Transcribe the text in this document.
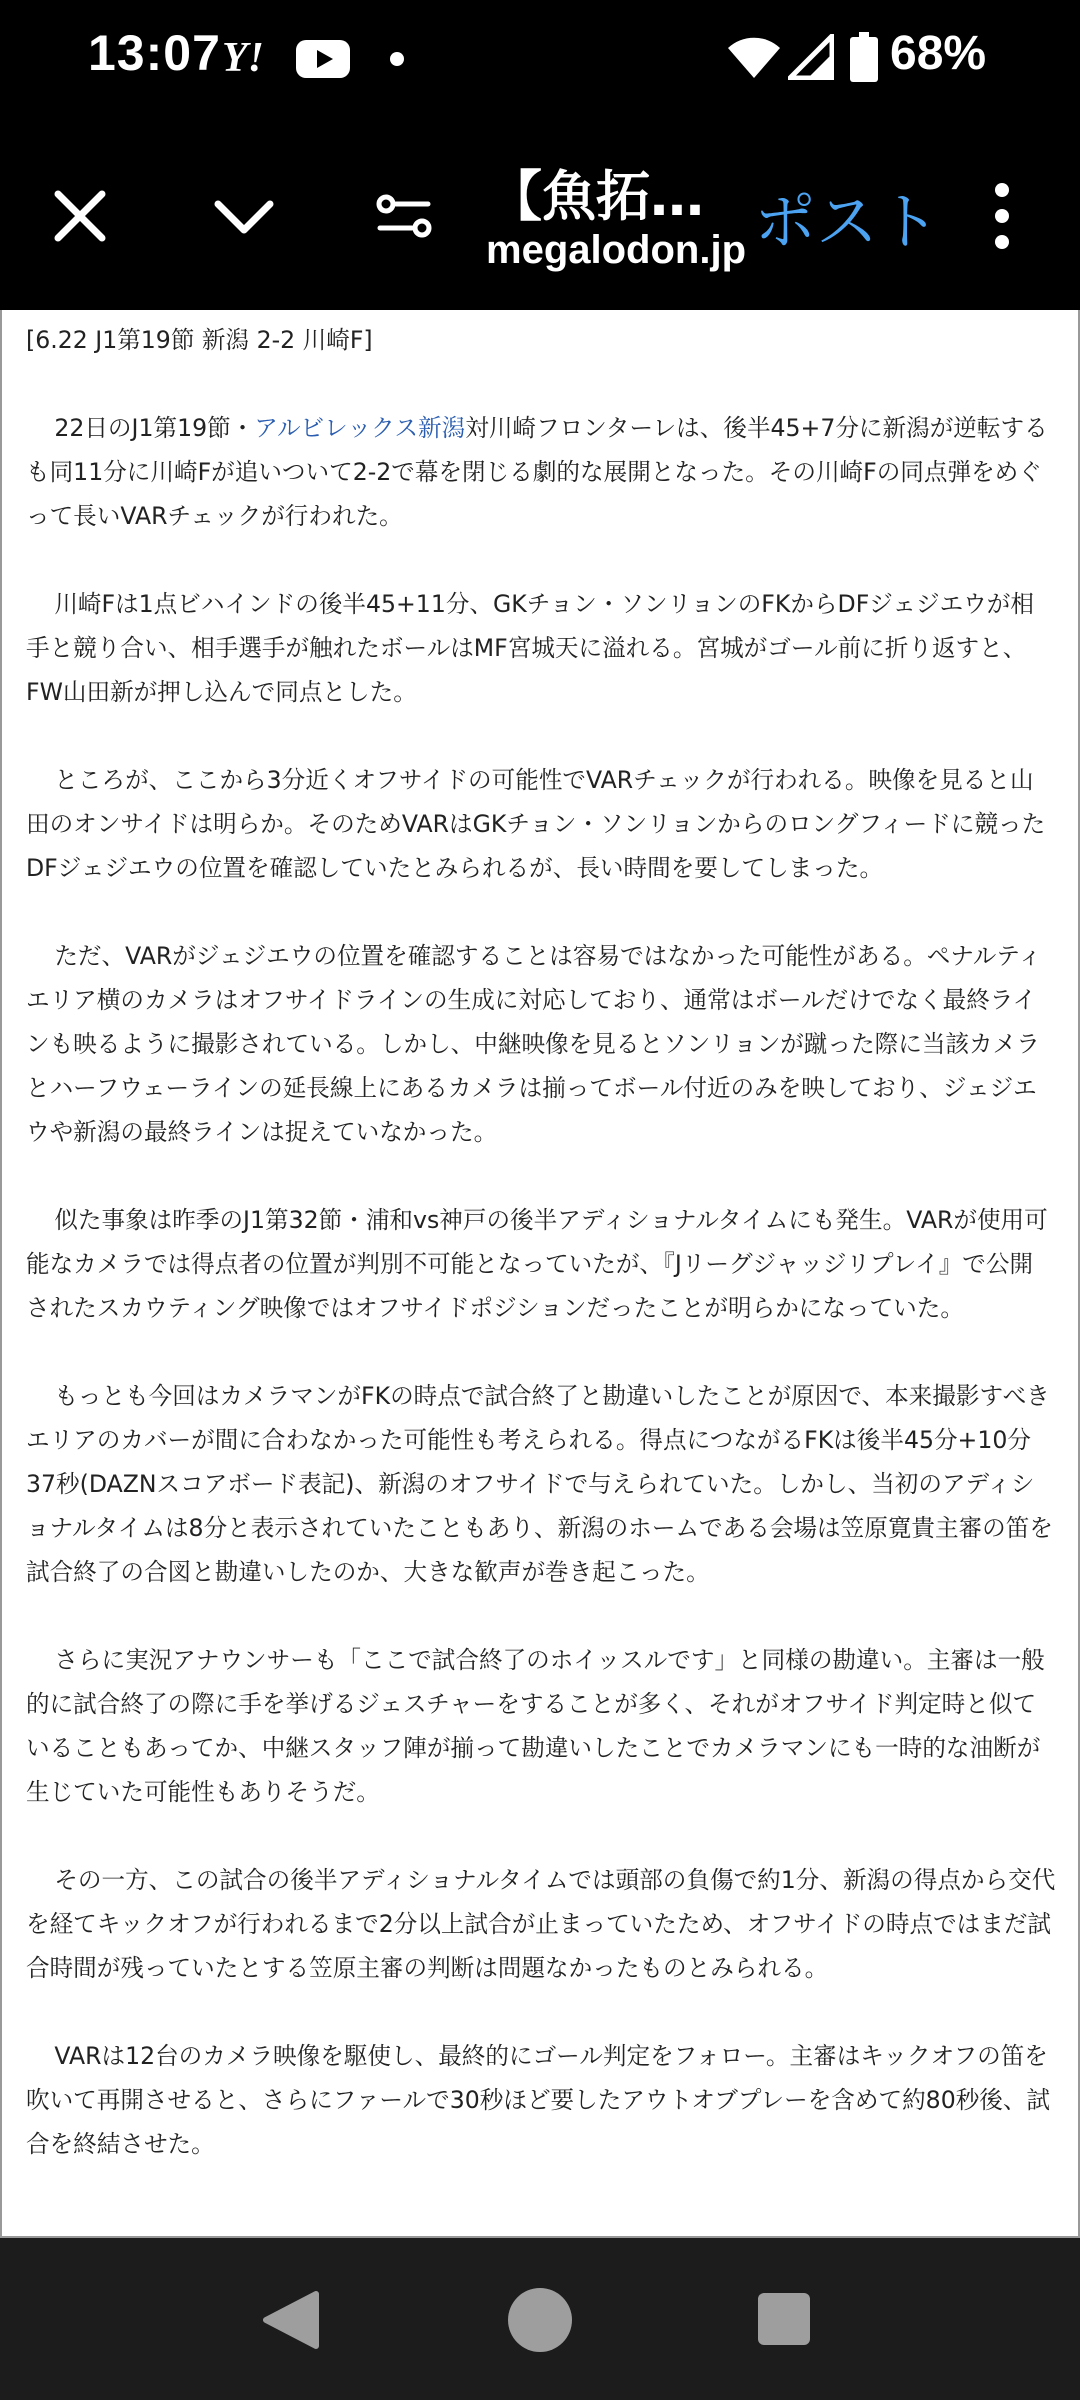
13:07 Y!	68%
【魚拓…
megalodon.jp ポスト

[6.22 J1第19節 新潟 2-2 川崎F]

22日のJ1第19節・アルビレックス新潟対川崎フロンターレは、後半45+7分に新潟が逆転するも同11分に川崎Fが追いついて2-2で幕を閉じる劇的な展開となった。その川崎Fの同点弾をめぐって長いVARチェックが行われた。

川崎Fは1点ビハインドの後半45+11分、GKチョン・ソンリョンのFKからDFジェジエウが相手と競り合い、相手選手が触れたボールはMF宮城天に溢れる。宮城がゴール前に折り返すと、FW山田新が押し込んで同点とした。

ところが、ここから3分近くオフサイドの可能性でVARチェックが行われる。映像を見ると山田のオンサイドは明らか。そのためVARはGKチョン・ソンリョンからのロングフィードに競ったDFジェジエウの位置を確認していたとみられるが、長い時間を要してしまった。

ただ、VARがジェジエウの位置を確認することは容易ではなかった可能性がある。ペナルティエリア横のカメラはオフサイドラインの生成に対応しており、通常はボールだけでなく最終ラインも映るように撮影されている。しかし、中継映像を見るとソンリョンが蹴った際に当該カメラとハーフウェーラインの延長線上にあるカメラは揃ってボール付近のみを映しており、ジェジエウや新潟の最終ラインは捉えていなかった。

似た事象は昨季のJ1第32節・浦和vs神戸の後半アディショナルタイムにも発生。VARが使用可能なカメラでは得点者の位置が判別不可能となっていたが、『Jリーグジャッジリプレイ』で公開されたスカウティング映像ではオフサイドポジションだったことが明らかになっていた。

もっとも今回はカメラマンがFKの時点で試合終了と勘違いしたことが原因で、本来撮影すべきエリアのカバーが間に合わなかった可能性も考えられる。得点につながるFKは後半45分+10分37秒(DAZNスコアボード表記)、新潟のオフサイドで与えられていた。しかし、当初のアディショナルタイムは8分と表示されていたこともあり、新潟のホームである会場は笠原寛貴主審の笛を試合終了の合図と勘違いしたのか、大きな歓声が巻き起こった。

さらに実況アナウンサーも「ここで試合終了のホイッスルです」と同様の勘違い。主審は一般的に試合終了の際に手を挙げるジェスチャーをすることが多く、それがオフサイド判定時と似ていることもあってか、中継スタッフ陣が揃って勘違いしたことでカメラマンにも一時的な油断が生じていた可能性もありそうだ。

その一方、この試合の後半アディショナルタイムでは頭部の負傷で約1分、新潟の得点から交代を経てキックオフが行われるまで2分以上試合が止まっていたため、オフサイドの時点ではまだ試合時間が残っていたとする笠原主審の判断は問題なかったものとみられる。

VARは12台のカメラ映像を駆使し、最終的にゴール判定をフォロー。主審はキックオフの笛を吹いて再開させると、さらにファールで30秒ほど要したアウトオブプレーを含めて約80秒後、試合を終結させた。
